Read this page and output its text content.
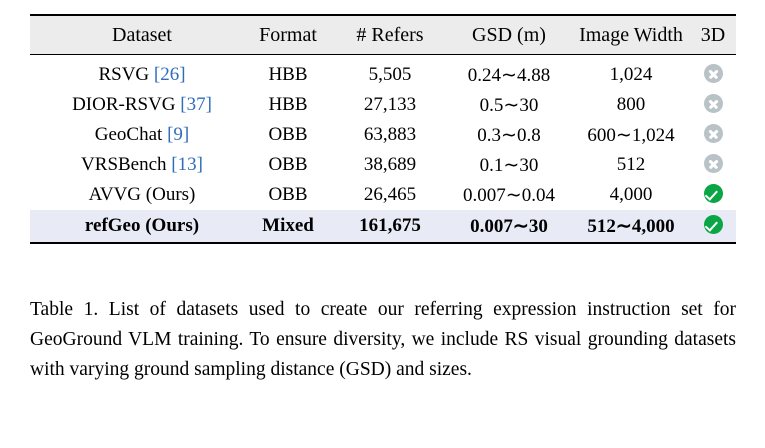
Dataset	Format	# Refers	GSD (m)	Image Width	3D

RSVG [26]	HBB	5,505	0.24∼4.88	1,024	
DIOR-RSVG [37]	HBB	27,133	0.5∼30	800	
GeoChat [9]	OBB	63,883	0.3∼0.8	600∼1,024	
VRSBench [13]	OBB	38,689	0.1∼30	512	
AVVG (Ours)	OBB	26,465	0.007∼0.04	4,000	
refGeo (Ours)	Mixed	161,675	0.007∼30	512∼4,000	

Table 1. List of datasets used to create our referring expression instruction set for GeoGround VLM training. To ensure diversity, we include RS visual grounding datasets with varying ground sampling distance (GSD) and sizes.
